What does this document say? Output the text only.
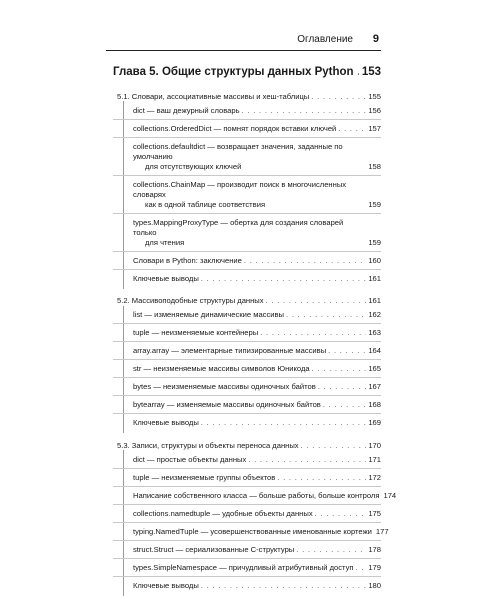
Оглавление 9
Глава 5. Общие структуры данных Python . . . 153
5.1. Словари, ассоциативные массивы и хеш-таблицы . . .	155
dict — ваш дежурный словарь . . .	156
collections.OrderedDict — помнят порядок вставки ключей . . .	157
collections.defaultdict — возвращает значения, заданные по умолчанию
для отсутствующих ключей	158
collections.ChainMap — производит поиск в многочисленных словарях
как в одной таблице соответствия	159
types.MappingProxyType — обертка для создания словарей только
для чтения	159
Словари в Python: заключение . . .	160
Ключевые выводы . . .	161
5.2. Массивоподобные структуры данных . . .	161
list — изменяемые динамические массивы . . .	162
tuple — неизменяемые контейнеры . . .	163
array.array — элементарные типизированные массивы . . .	164
str — неизменяемые массивы символов Юникода . . .	165
bytes — неизменяемые массивы одиночных байтов . . .	167
bytearray — изменяемые массивы одиночных байтов . . .	168
Ключевые выводы . . .	169
5.3. Записи, структуры и объекты переноса данных . . .	170
dict — простые объекты данных . . .	171
tuple — неизменяемые группы объектов . . .	172
Написание собственного класса — больше работы, больше контроля 174
collections.namedtuple — удобные объекты данных . . .	175
typing.NamedTuple — усовершенствованные именованные кортежи 177
struct.Struct — сериализованные С-структуры . . .	178
types.SimpleNamespace — причудливый атрибутивный доступ . . . 179
Ключевые выводы . . .	180
